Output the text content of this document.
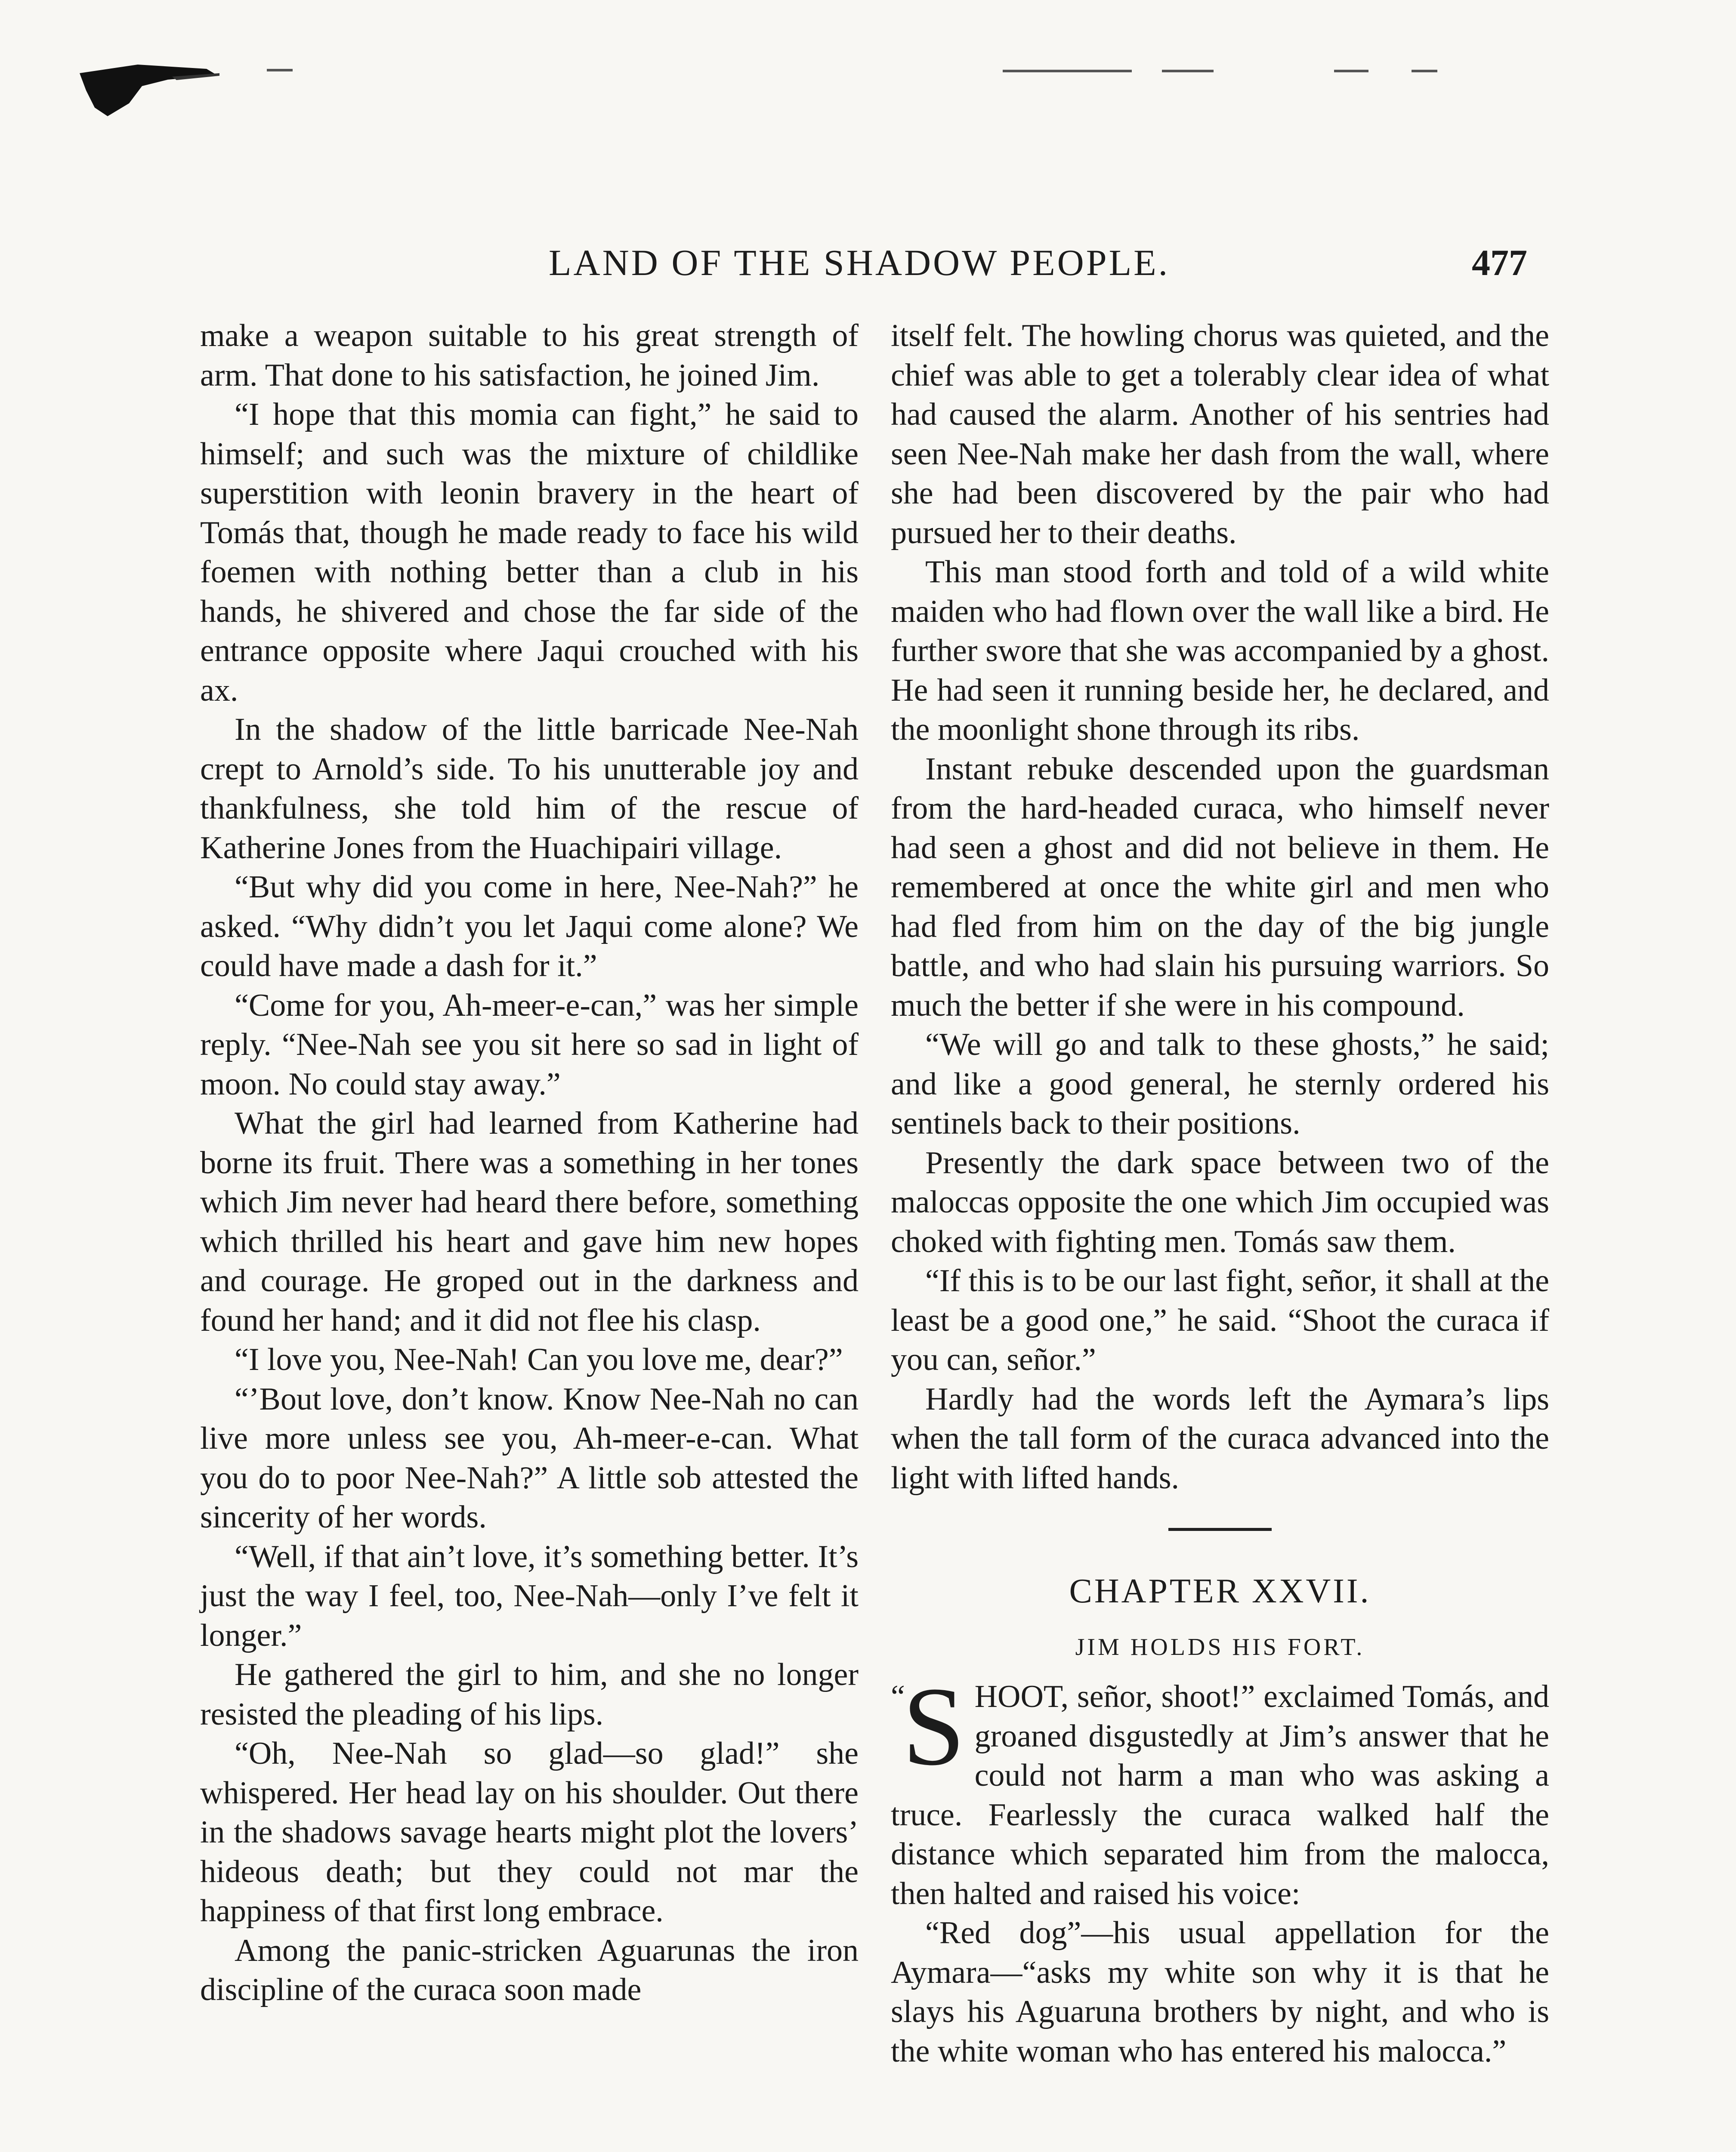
LAND OF THE SHADOW PEOPLE.	477

make a weapon suitable to his great strength of arm. That done to his satisfaction, he joined Jim.

“I hope that this momia can fight,” he said to himself; and such was the mixture of childlike superstition with leonin bravery in the heart of Tomás that, though he made ready to face his wild foemen with nothing better than a club in his hands, he shivered and chose the far side of the entrance opposite where Jaqui crouched with his ax.

In the shadow of the little barricade Nee-Nah crept to Arnold’s side. To his unutterable joy and thankfulness, she told him of the rescue of Katherine Jones from the Huachipairi village.

“But why did you come in here, Nee-Nah?” he asked. “Why didn’t you let Jaqui come alone? We could have made a dash for it.”

“Come for you, Ah-meer-e-can,” was her simple reply. “Nee-Nah see you sit here so sad in light of moon. No could stay away.”

What the girl had learned from Katherine had borne its fruit. There was a something in her tones which Jim never had heard there before, something which thrilled his heart and gave him new hopes and courage. He groped out in the darkness and found her hand; and it did not flee his clasp.

“I love you, Nee-Nah! Can you love me, dear?”

“’Bout love, don’t know. Know Nee-Nah no can live more unless see you, Ah-meer-e-can. What you do to poor Nee-Nah?” A little sob attested the sincerity of her words.

“Well, if that ain’t love, it’s something better. It’s just the way I feel, too, Nee-Nah—only I’ve felt it longer.”

He gathered the girl to him, and she no longer resisted the pleading of his lips.

“Oh, Nee-Nah so glad—so glad!” she whispered. Her head lay on his shoulder. Out there in the shadows savage hearts might plot the lovers’ hideous death; but they could not mar the happiness of that first long embrace.

Among the panic-stricken Aguarunas the iron discipline of the curaca soon made

itself felt. The howling chorus was quieted, and the chief was able to get a tolerably clear idea of what had caused the alarm. Another of his sentries had seen Nee-Nah make her dash from the wall, where she had been discovered by the pair who had pursued her to their deaths.

This man stood forth and told of a wild white maiden who had flown over the wall like a bird. He further swore that she was accompanied by a ghost. He had seen it running beside her, he declared, and the moonlight shone through its ribs.

Instant rebuke descended upon the guardsman from the hard-headed curaca, who himself never had seen a ghost and did not believe in them. He remembered at once the white girl and men who had fled from him on the day of the big jungle battle, and who had slain his pursuing warriors. So much the better if she were in his compound.

“We will go and talk to these ghosts,” he said; and like a good general, he sternly ordered his sentinels back to their positions.

Presently the dark space between two of the maloccas opposite the one which Jim occupied was choked with fighting men. Tomás saw them.

“If this is to be our last fight, señor, it shall at the least be a good one,” he said. “Shoot the curaca if you can, señor.”

Hardly had the words left the Aymara’s lips when the tall form of the curaca advanced into the light with lifted hands.

CHAPTER XXVII.
JIM HOLDS HIS FORT.

“
S HOOT, señor, shoot!” exclaimed Tomás, and groaned disgustedly at Jim’s answer that he could not harm a man who was asking a truce. Fearlessly the curaca walked half the distance which separated him from the malocca, then halted and raised his voice:

“Red dog”—his usual appellation for the Aymara—“asks my white son why it is that he slays his Aguaruna brothers by night, and who is the white woman who has entered his malocca.”
